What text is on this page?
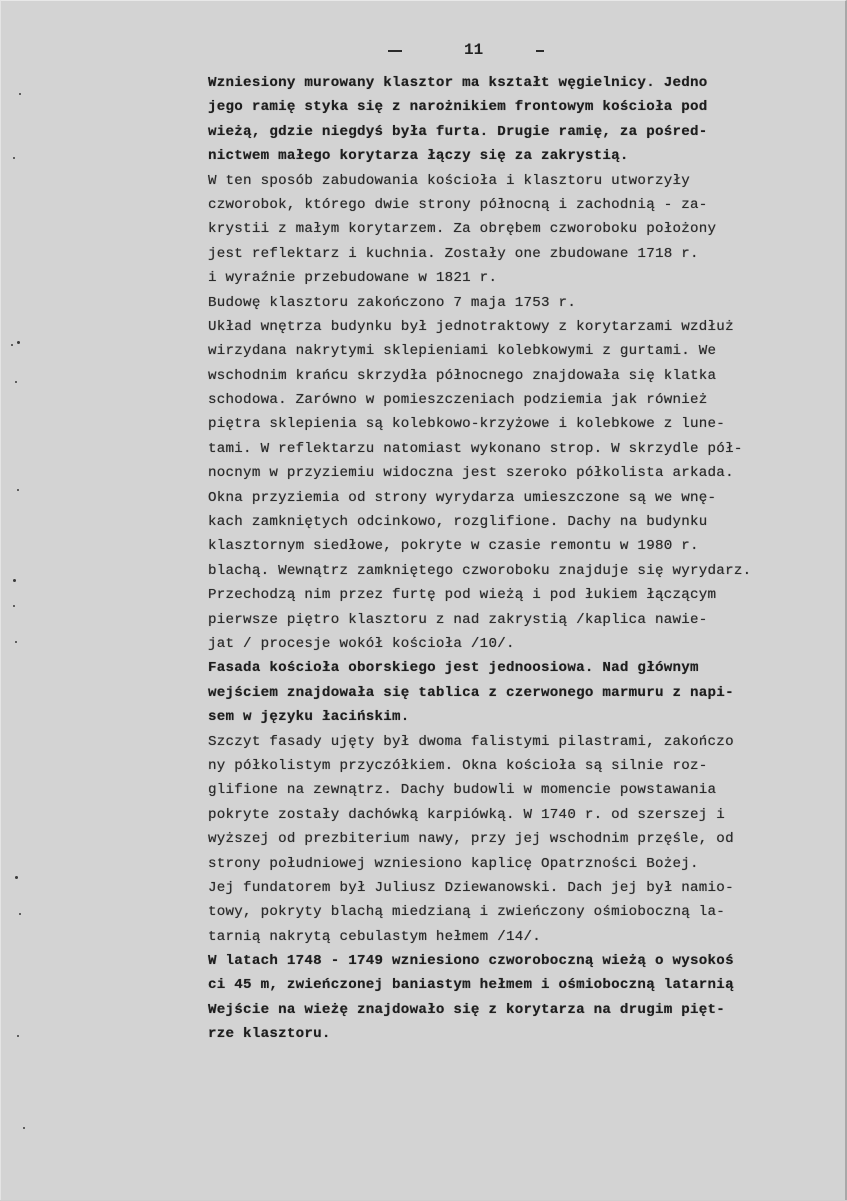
11
Wzniesiony murowany klasztor ma kształt węgielnicy. Jedno
jego ramię styka się z narożnikiem frontowym kościoła pod
wieżą, gdzie niegdyś była furta. Drugie ramię, za pośred-
nictwem małego korytarza łączy się za zakrystią.
W ten sposób zabudowania kościoła i klasztoru utworzyły
czworobok, którego dwie strony północną i zachodnią - za-
krystii z małym korytarzem. Za obrębem czworoboku położony
jest reflektarz i kuchnia. Zostały one zbudowane 1718 r.
i wyraźnie przebudowane w 1821 r.
Budowę klasztoru zakończono 7 maja 1753 r.
Układ wnętrza budynku był jednotraktowy z korytarzami wzdłuż
wirzydana nakrytymi sklepieniami kolebkowymi z gurtami. We
wschodnim krańcu skrzydła północnego znajdowała się klatka
schodowa. Zarówno w pomieszczeniach podziemia jak również
piętra sklepienia są kolebkowo-krzyżowe i kolebkowe z lune-
tami. W reflektarzu natomiast wykonano strop. W skrzydle pół-
nocnym w przyziemiu widoczna jest szeroko półkolista arkada.
Okna przyziemia od strony wyrydarza umieszczone są we wnę-
kach zamkniętych odcinkowo, rozglifione. Dachy na budynku
klasztornym siedłowe, pokryte w czasie remontu w 1980 r.
blachą. Wewnątrz zamkniętego czworoboku znajduje się wyrydarz.
Przechodzą nim przez furtę pod wieżą i pod łukiem łączącym
pierwsze piętro klasztoru z nad zakrystią /kaplica nawie-
jat / procesje wokół kościoła /10/.
Fasada kościoła oborskiego jest jednoosiowa. Nad głównym
wejściem znajdowała się tablica z czerwonego marmuru z napi-
sem w języku łacińskim.
Szczyt fasady ujęty był dwoma falistymi pilastrami, zakończo
ny półkolistym przyczółkiem. Okna kościoła są silnie roz-
glifione na zewnątrz. Dachy budowli w momencie powstawania
pokryte zostały dachówką karpiówką. W 1740 r. od szerszej i
wyższej od prezbiterium nawy, przy jej wschodnim przęśle, od
strony południowej wzniesiono kaplicę Opatrzności Bożej.
Jej fundatorem był Juliusz Dziewanowski. Dach jej był namio-
towy, pokryty blachą miedzianą i zwieńczony ośmioboczną la-
tarnią nakrytą cebulastym hełmem /14/.
W latach 1748 - 1749 wzniesiono czworoboczną wieżą o wysokoś
ci 45 m, zwieńczonej baniastym hełmem i ośmioboczną latarnią
Wejście na wieżę znajdowało się z korytarza na drugim pięt-
rze klasztoru.
